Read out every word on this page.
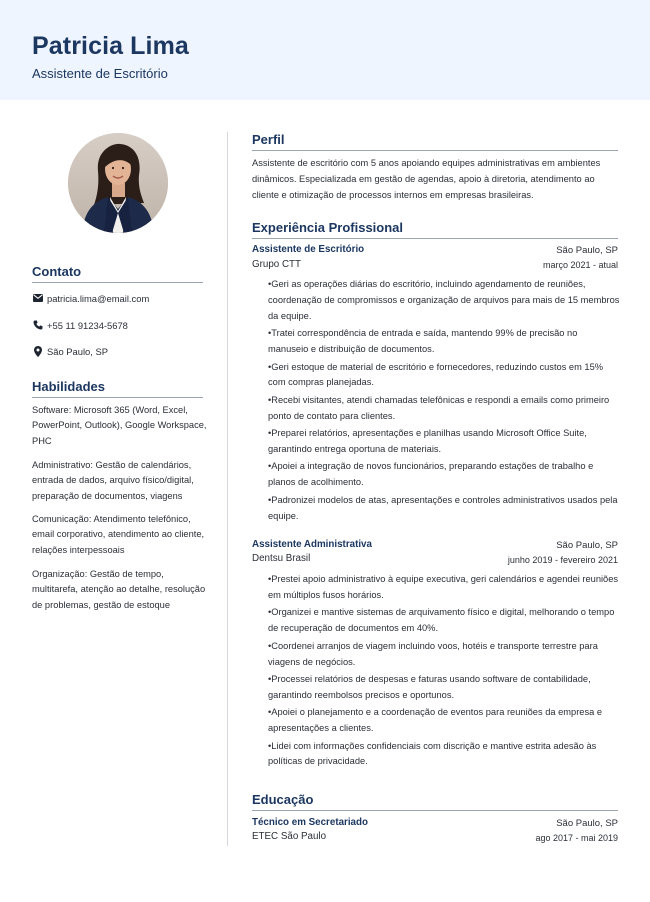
Patricia Lima
Assistente de Escritório
Contato
patricia.lima@email.com
+55 11 91234-5678
São Paulo, SP
Habilidades
Software: Microsoft 365 (Word, Excel, PowerPoint, Outlook), Google Workspace, PHC
Administrativo: Gestão de calendários, entrada de dados, arquivo físico/digital, preparação de documentos, viagens
Comunicação: Atendimento telefônico, email corporativo, atendimento ao cliente, relações interpessoais
Organização: Gestão de tempo, multitarefa, atenção ao detalhe, resolução de problemas, gestão de estoque
Perfil
Assistente de escritório com 5 anos apoiando equipes administrativas em ambientes dinâmicos. Especializada em gestão de agendas, apoio à diretoria, atendimento ao cliente e otimização de processos internos em empresas brasileiras.
Experiência Profissional
Assistente de Escritório	São Paulo, SP
Grupo CTT	março 2021 - atual
• Geri as operações diárias do escritório, incluindo agendamento de reuniões, coordenação de compromissos e organização de arquivos para mais de 15 membros da equipe.
• Tratei correspondência de entrada e saída, mantendo 99% de precisão no manuseio e distribuição de documentos.
• Geri estoque de material de escritório e fornecedores, reduzindo custos em 15% com compras planejadas.
• Recebi visitantes, atendi chamadas telefônicas e respondi a emails como primeiro ponto de contato para clientes.
• Preparei relatórios, apresentações e planilhas usando Microsoft Office Suite, garantindo entrega oportuna de materiais.
• Apoiei a integração de novos funcionários, preparando estações de trabalho e planos de acolhimento.
• Padronizei modelos de atas, apresentações e controles administrativos usados pela equipe.
Assistente Administrativa	São Paulo, SP
Dentsu Brasil	junho 2019 - fevereiro 2021
• Prestei apoio administrativo à equipe executiva, geri calendários e agendei reuniões em múltiplos fusos horários.
• Organizei e mantive sistemas de arquivamento físico e digital, melhorando o tempo de recuperação de documentos em 40%.
• Coordenei arranjos de viagem incluindo voos, hotéis e transporte terrestre para viagens de negócios.
• Processei relatórios de despesas e faturas usando software de contabilidade, garantindo reembolsos precisos e oportunos.
• Apoiei o planejamento e a coordenação de eventos para reuniões da empresa e apresentações a clientes.
• Lidei com informações confidenciais com discrição e mantive estrita adesão às políticas de privacidade.
Educação
Técnico em Secretariado	São Paulo, SP
ETEC São Paulo	ago 2017 - mai 2019
